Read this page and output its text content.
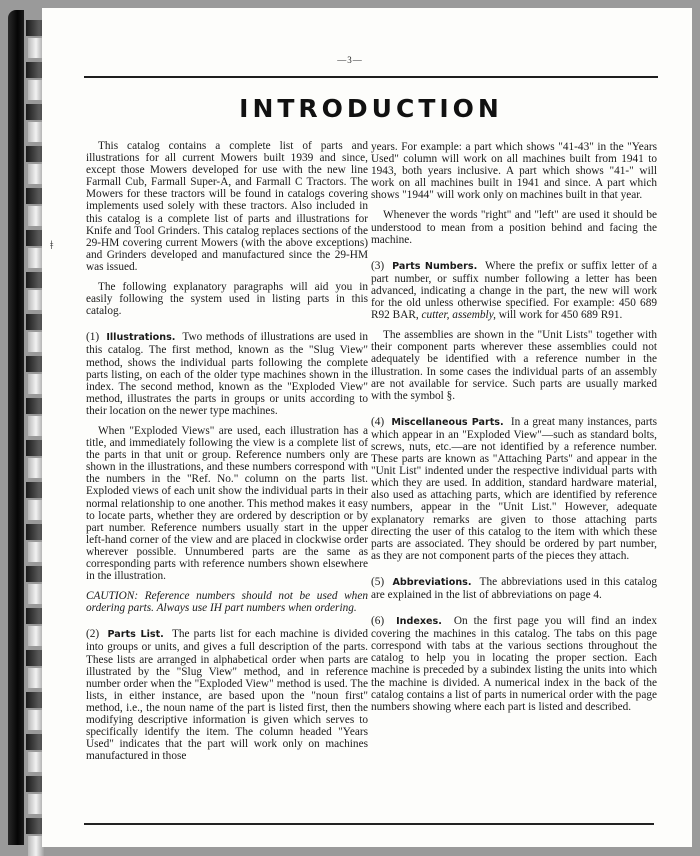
ǂ
—3—
INTRODUCTION

This catalog contains a complete list of parts and illustrations for all current Mowers built 1939 and since, except those Mowers developed for use with the new line Farmall Cub, Farmall Super-A, and Farmall C Tractors. The Mowers for these tractors will be found in catalogs covering implements used solely with these tractors. Also included in this catalog is a complete list of parts and illustrations for Knife and Tool Grinders. This catalog replaces sections of the 29-HM covering current Mowers (with the above exceptions) and Grinders developed and manufactured since the 29-HM was issued.

The following explanatory paragraphs will aid you in easily following the system used in listing parts in this catalog.

(1) Illustrations. Two methods of illustrations are used in this catalog. The first method, known as the "Slug View" method, shows the individual parts following the complete parts listing, on each of the older type machines shown in the index. The second method, known as the "Exploded View" method, illustrates the parts in groups or units according to their location on the newer type machines.

When "Exploded Views" are used, each illustration has a title, and immediately following the view is a complete list of the parts in that unit or group. Reference numbers only are shown in the illustrations, and these numbers correspond with the numbers in the "Ref. No." column on the parts list. Exploded views of each unit show the individual parts in their normal relationship to one another. This method makes it easy to locate parts, whether they are ordered by description or by part number. Reference numbers usually start in the upper left-hand corner of the view and are placed in clockwise order wherever possible. Unnumbered parts are the same as corresponding parts with reference numbers shown elsewhere in the illustration.

CAUTION: Reference numbers should not be used when ordering parts. Always use IH part numbers when ordering.

(2) Parts List. The parts list for each machine is divided into groups or units, and gives a full description of the parts. These lists are arranged in alphabetical order when parts are illustrated by the "Slug View" method, and in reference number order when the "Exploded View" method is used. The lists, in either instance, are based upon the "noun first" method, i.e., the noun name of the part is listed first, then the modifying descriptive information is given which serves to specifically identify the item. The column headed "Years Used" indicates that the part will work only on machines manufactured in those

years. For example: a part which shows "41-43" in the "Years Used" column will work on all machines built from 1941 to 1943, both years inclusive. A part which shows "41-" will work on all machines built in 1941 and since. A part which shows "1944" will work only on machines built in that year.

Whenever the words "right" and "left" are used it should be understood to mean from a position behind and facing the machine.

(3) Parts Numbers. Where the prefix or suffix letter of a part number, or suffix number following a letter has been advanced, indicating a change in the part, the new will work for the old unless otherwise specified. For example: 450 689 R92 BAR, cutter, assembly, will work for 450 689 R91.

The assemblies are shown in the "Unit Lists" together with their component parts wherever these assemblies could not adequately be identified with a reference number in the illustration. In some cases the individual parts of an assembly are not available for service. Such parts are usually marked with the symbol §.

(4) Miscellaneous Parts. In a great many instances, parts which appear in an "Exploded View"—such as standard bolts, screws, nuts, etc.—are not identified by a reference number. These parts are known as "Attaching Parts" and appear in the "Unit List" indented under the respective individual parts with which they are used. In addition, standard hardware material, also used as attaching parts, which are identified by reference numbers, appear in the "Unit List." However, adequate explanatory remarks are given to those attaching parts directing the user of this catalog to the item with which these parts are associated. They should be ordered by part number, as they are not component parts of the pieces they attach.

(5) Abbreviations. The abbreviations used in this catalog are explained in the list of abbreviations on page 4.

(6) Indexes. On the first page you will find an index covering the machines in this catalog. The tabs on this page correspond with tabs at the various sections throughout the catalog to help you in locating the proper section. Each machine is preceded by a subindex listing the units into which the machine is divided. A numerical index in the back of the catalog contains a list of parts in numerical order with the page numbers showing where each part is listed and described.
